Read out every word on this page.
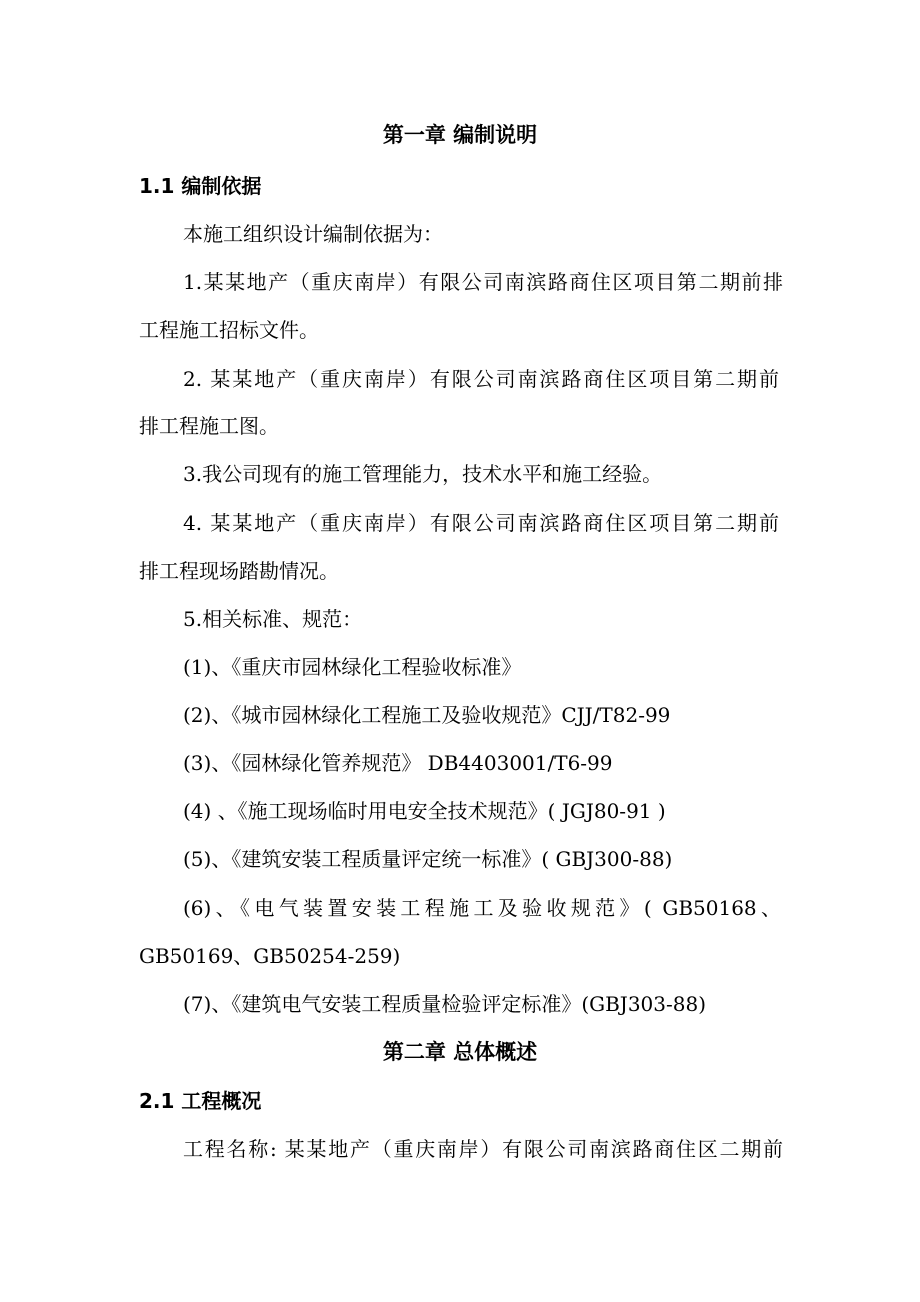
第一章 编制说明
1.1 编制依据
本施工组织设计编制依据为：
1.某某地产（重庆南岸）有限公司南滨路商住区项目第二期前排
工程施工招标文件。
2. 某某地产（重庆南岸）有限公司南滨路商住区项目第二期前
排工程施工图。
3.我公司现有的施工管理能力，技术水平和施工经验。
4. 某某地产（重庆南岸）有限公司南滨路商住区项目第二期前
排工程现场踏勘情况。
5.相关标准、规范：
(1)、《重庆市园林绿化工程验收标准》
(2)、《城市园林绿化工程施工及验收规范》CJJ/T82-99
(3)、《园林绿化管养规范》 DB4403001/T6-99
(4) 、《施工现场临时用电安全技术规范》( JGJ80-91 )
(5)、《建筑安装工程质量评定统一标准》( GBJ300-88)
(6)、《电气装置安装工程施工及验收规范》( GB50168、
GB50169、GB50254-259)
(7)、《建筑电气安装工程质量检验评定标准》(GBJ303-88)
第二章 总体概述
2.1 工程概况
工程名称: 某某地产（重庆南岸）有限公司南滨路商住区二期前
